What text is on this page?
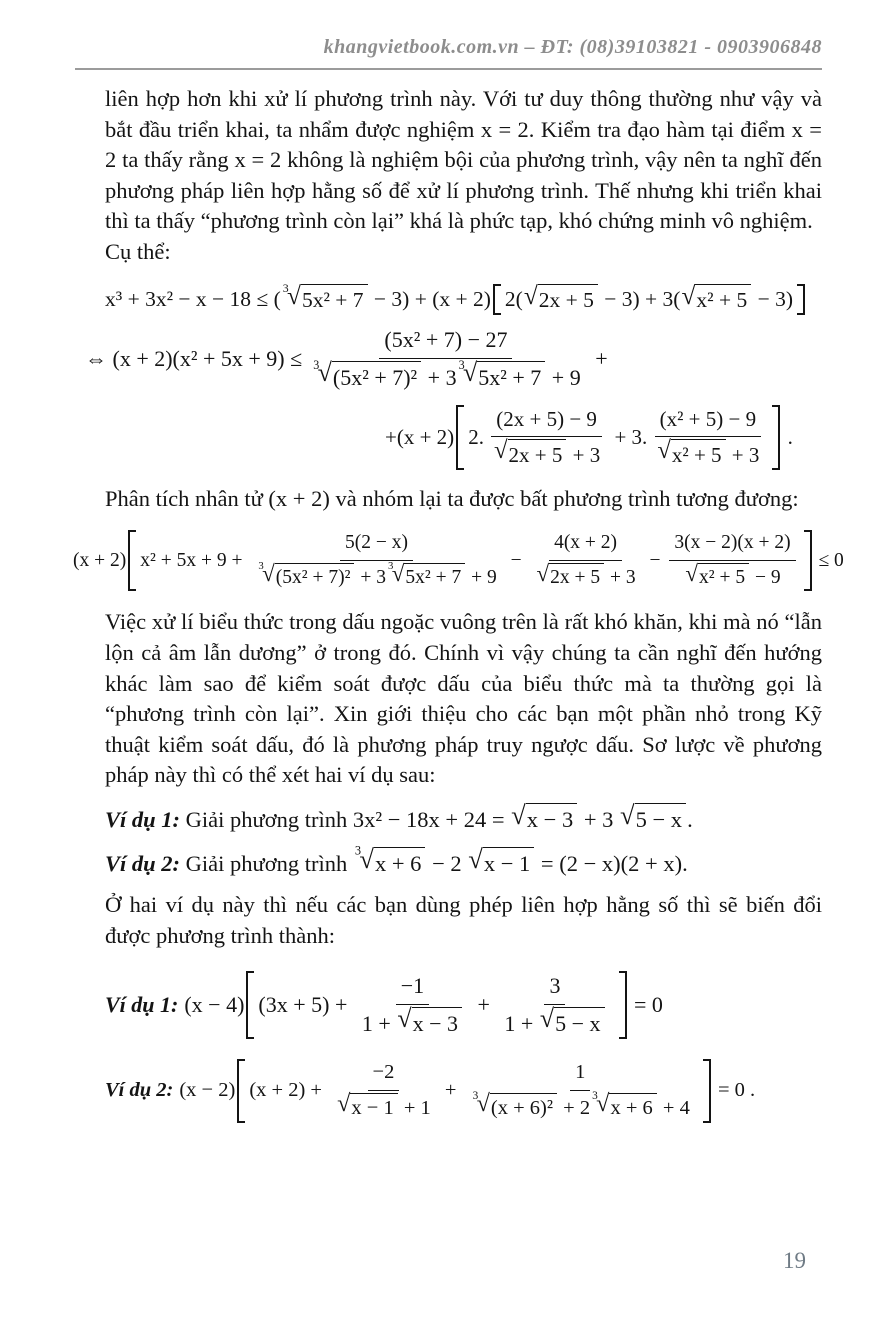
khangvietbook.com.vn – ĐT: (08)39103821 - 0903906848
liên hợp hơn khi xử lí phương trình này. Với tư duy thông thường như vậy và bắt đầu triển khai, ta nhẩm được nghiệm x = 2. Kiểm tra đạo hàm tại điểm x = 2 ta thấy rằng x = 2 không là nghiệm bội của phương trình, vậy nên ta nghĩ đến phương pháp liên hợp hằng số để xử lí phương trình. Thế nhưng khi triển khai thì ta thấy “phương trình còn lại” khá là phức tạp, khó chứng minh vô nghiệm.
Cụ thể:
x³ + 3x² − x − 18 ≤ ( 3
√ 5x² + 7 − 3) + (x + 2) 2( √ 2x + 5 − 3) + 3( √ x² + 5 − 3)
⇔ (x + 2)(x² + 5x + 9) ≤
(5x² + 7) − 27
3
√ (5x² + 7)² + 3
3
√ 5x² + 7 + 9
+
+(x + 2) 2. $\frac{(2x + 5) - 9}{√ 2x + 5 + 3} + 3$. $\frac{\text{(x² + 5) − 9}}{\text{√ x² + 5 + 3}}$ .
Phân tích nhân tử (x + 2) và nhóm lại ta được bất phương trình tương đương:
(x + 2) x² + 5x + 9 +
5(2 − x)
3
√ (5x² + 7)² + 3
3
√ 5x² + 7 + 9
− $\frac{4(x + 2)}{√ 2x + 5 + 3} - \frac{3(x - 2)(x + 2)}{\text{√ x² + 5 − 9}} \le 0$
Việc xử lí biểu thức trong dấu ngoặc vuông trên là rất khó khăn, khi mà nó “lẫn lộn cả âm lẫn dương” ở trong đó. Chính vì vậy chúng ta cần nghĩ đến hướng khác làm sao để kiểm soát được dấu của biểu thức mà ta thường gọi là “phương trình còn lại”. Xin giới thiệu cho các bạn một phần nhỏ trong Kỹ thuật kiểm soát dấu, đó là phương pháp truy ngược dấu. Sơ lược về phương pháp này thì có thể xét hai ví dụ sau:
Ví dụ 1: Giải phương trình 3x² − 18x + 24 = √ x − 3 + 3 √ 5 − x .
Ví dụ 2: Giải phương trình
3
√ x + 6 − 2 √ x − 1 = (2 − x)(2 + x).
Ở hai ví dụ này thì nếu các bạn dùng phép liên hợp hằng số thì sẽ biến đổi được phương trình thành:
Ví dụ 1: (x − 4) $(3x + 5) + \frac{-1}{1 + √ x - 3} + \frac{3}{1 + √ 5 - x} = 0$
Ví dụ 2: (x − 2) $(x + 2) + \frac{-2}{√ x - 1 + 1}$ +
1
3
√ (x + 6)² + 2
3
√ x + 6 + 4
= 0 .
19
